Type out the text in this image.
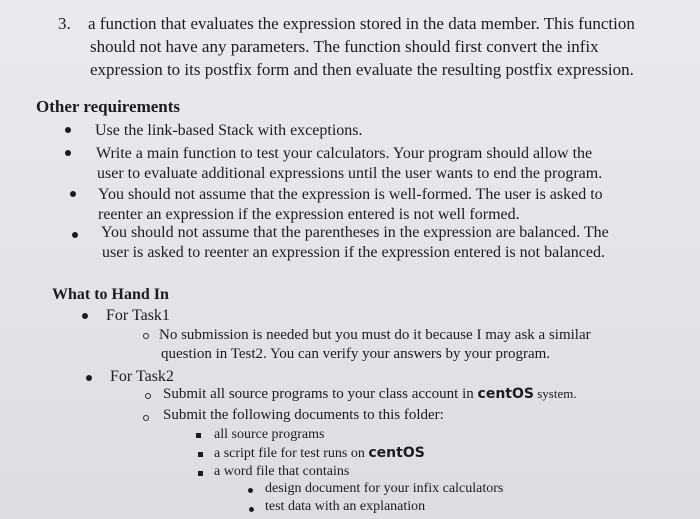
3. a function that evaluates the expression stored in the data member. This function
should not have any parameters. The function should first convert the infix
expression to its postfix form and then evaluate the resulting postfix expression.
Other requirements
Use the link-based Stack with exceptions.
Write a main function to test your calculators. Your program should allow the
user to evaluate additional expressions until the user wants to end the program.
You should not assume that the expression is well-formed. The user is asked to
reenter an expression if the expression entered is not well formed.
You should not assume that the parentheses in the expression are balanced. The
user is asked to reenter an expression if the expression entered is not balanced.
What to Hand In
For Task1
No submission is needed but you must do it because I may ask a similar
question in Test2. You can verify your answers by your program.
For Task2
Submit all source programs to your class account in centOS system.
Submit the following documents to this folder:
all source programs
a script file for test runs on centOS
a word file that contains
design document for your infix calculators
test data with an explanation
